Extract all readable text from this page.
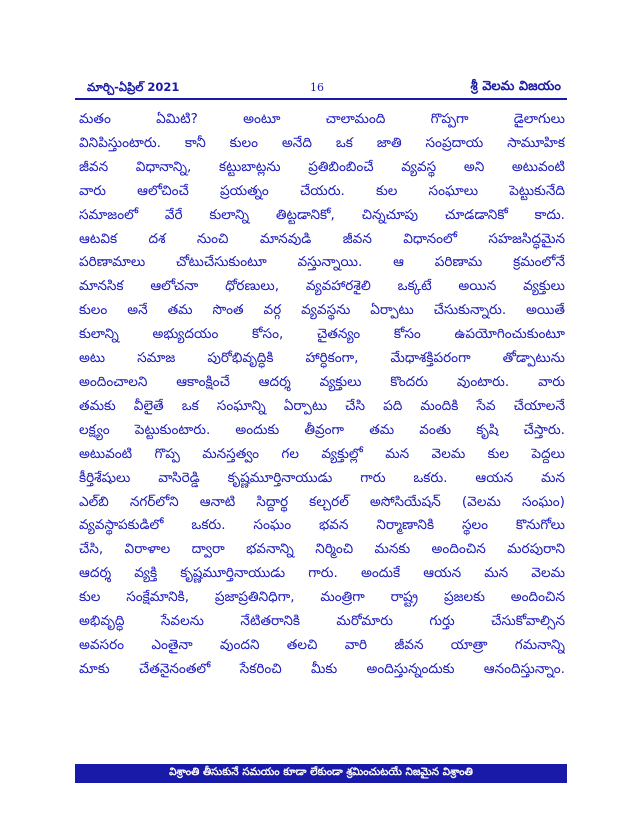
మార్చి-ఏప్రిల్ 2021	16	శ్రీ వెలమ విజయం
మతం ఏమిటి? అంటూ చాలామంది గొప్పగా డైలాగులు
వినిపిస్తుంటారు. కానీ కులం అనేది ఒక జాతి సంప్రదాయ సామూహిక
జీవన విధానాన్ని, కట్టుబాట్లను ప్రతిబింబించే వ్యవస్థ అని అటువంటి
వారు ఆలోచించే ప్రయత్నం చేయరు. కుల సంఘాలు పెట్టుకునేది
సమాజంలో వేరే కులాన్ని తిట్టడానికో, చిన్నచూపు చూడడానికో కాదు.
ఆటవిక దశ నుంచి మానవుడి జీవన విధానంలో సహజసిద్ధమైన
పరిణామాలు చోటుచేసుకుంటూ వస్తున్నాయి. ఆ పరిణామ క్రమంలోనే
మానసిక ఆలోచనా ధోరణులు, వ్యవహారశైలి ఒక్కటే అయిన వ్యక్తులు
కులం అనే తమ సొంత వర్గ వ్యవస్థను ఏర్పాటు చేసుకున్నారు. అయితే
కులాన్ని అభ్యుదయం కోసం, చైతన్యం కోసం ఉపయోగించుకుంటూ
అటు సమాజ పురోభివృద్ధికి హార్ధికంగా, మేధాశక్తిపరంగా తోడ్పాటును
అందించాలని ఆకాంక్షించే ఆదర్శ వ్యక్తులు కొందరు వుంటారు. వారు
తమకు వీలైతే ఒక సంఘాన్ని ఏర్పాటు చేసి పది మందికి సేవ చేయాలనే
లక్ష్యం పెట్టుకుంటారు. అందుకు తీవ్రంగా తమ వంతు కృషి చేస్తారు.
అటువంటి గొప్ప మనస్తత్వం గల వ్యక్తుల్లో మన వెలమ కుల పెద్దలు
కీర్తిశేషులు వాసిరెడ్డి కృష్ణమూర్తినాయుడు గారు ఒకరు. ఆయన మన
ఎల్‌బి నగర్‌లోని ఆనాటి సిద్దార్థ కల్చరల్ అసోసియేషన్ (వెలమ సంఘం)
వ్యవస్థాపకుడిలో ఒకరు. సంఘం భవన నిర్మాణానికి స్థలం కొనుగోలు
చేసి, విరాళాల ద్వారా భవనాన్ని నిర్మించి మనకు అందించిన మరపురాని
ఆదర్శ వ్యక్తి కృష్ణమూర్తినాయుడు గారు. అందుకే ఆయన మన వెలమ
కుల సంక్షేమానికి, ప్రజాప్రతినిధిగా, మంత్రిగా రాష్ట్ర ప్రజలకు అందించిన
అభివృద్ధి సేవలను నేటితరానికి మరోమారు గుర్తు చేసుకోవాల్సిన
అవసరం ఎంతైనా వుందని తలచి వారి జీవన యాత్రా గమనాన్ని
మాకు చేతనైనంతలో సేకరించి మీకు అందిస్తున్నందుకు ఆనందిస్తున్నాం.
విశ్రాంతి తీసుకునే సమయం కూడా లేకుండా శ్రమించుటయే నిజమైన విశ్రాంతి
